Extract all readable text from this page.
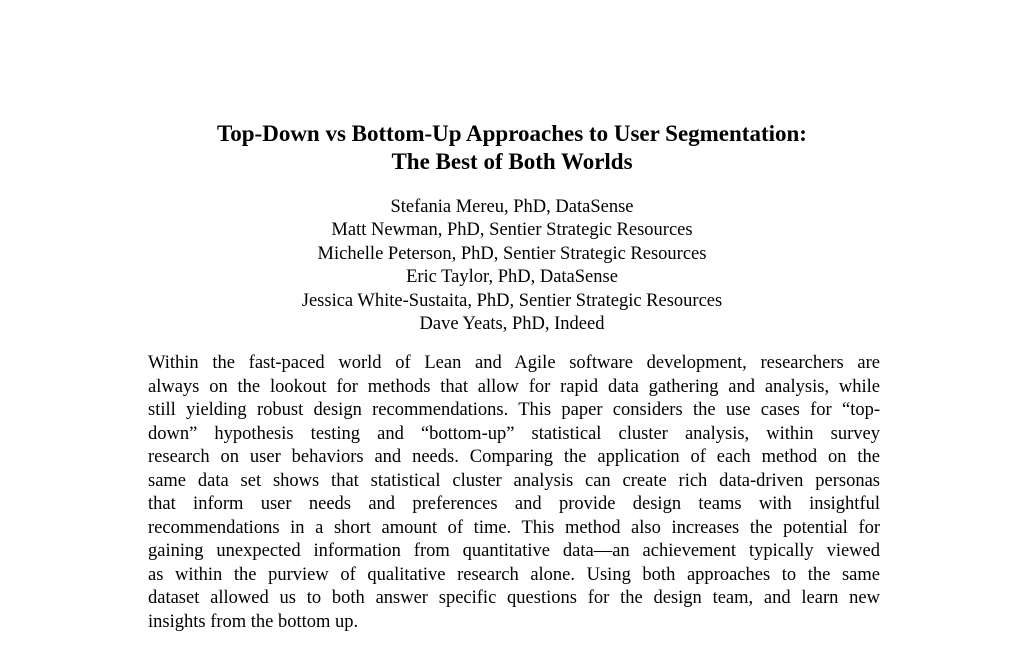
Top-Down vs Bottom-Up Approaches to User Segmentation:
The Best of Both Worlds
Stefania Mereu, PhD, DataSense
Matt Newman, PhD, Sentier Strategic Resources
Michelle Peterson, PhD, Sentier Strategic Resources
Eric Taylor, PhD, DataSense
Jessica White-Sustaita, PhD, Sentier Strategic Resources
Dave Yeats, PhD, Indeed
Within the fast-paced world of Lean and Agile software development, researchers are
always on the lookout for methods that allow for rapid data gathering and analysis, while
still yielding robust design recommendations. This paper considers the use cases for “top-
down” hypothesis testing and “bottom-up” statistical cluster analysis, within survey
research on user behaviors and needs. Comparing the application of each method on the
same data set shows that statistical cluster analysis can create rich data-driven personas
that inform user needs and preferences and provide design teams with insightful
recommendations in a short amount of time. This method also increases the potential for
gaining unexpected information from quantitative data—an achievement typically viewed
as within the purview of qualitative research alone. Using both approaches to the same
dataset allowed us to both answer specific questions for the design team, and learn new
insights from the bottom up.
